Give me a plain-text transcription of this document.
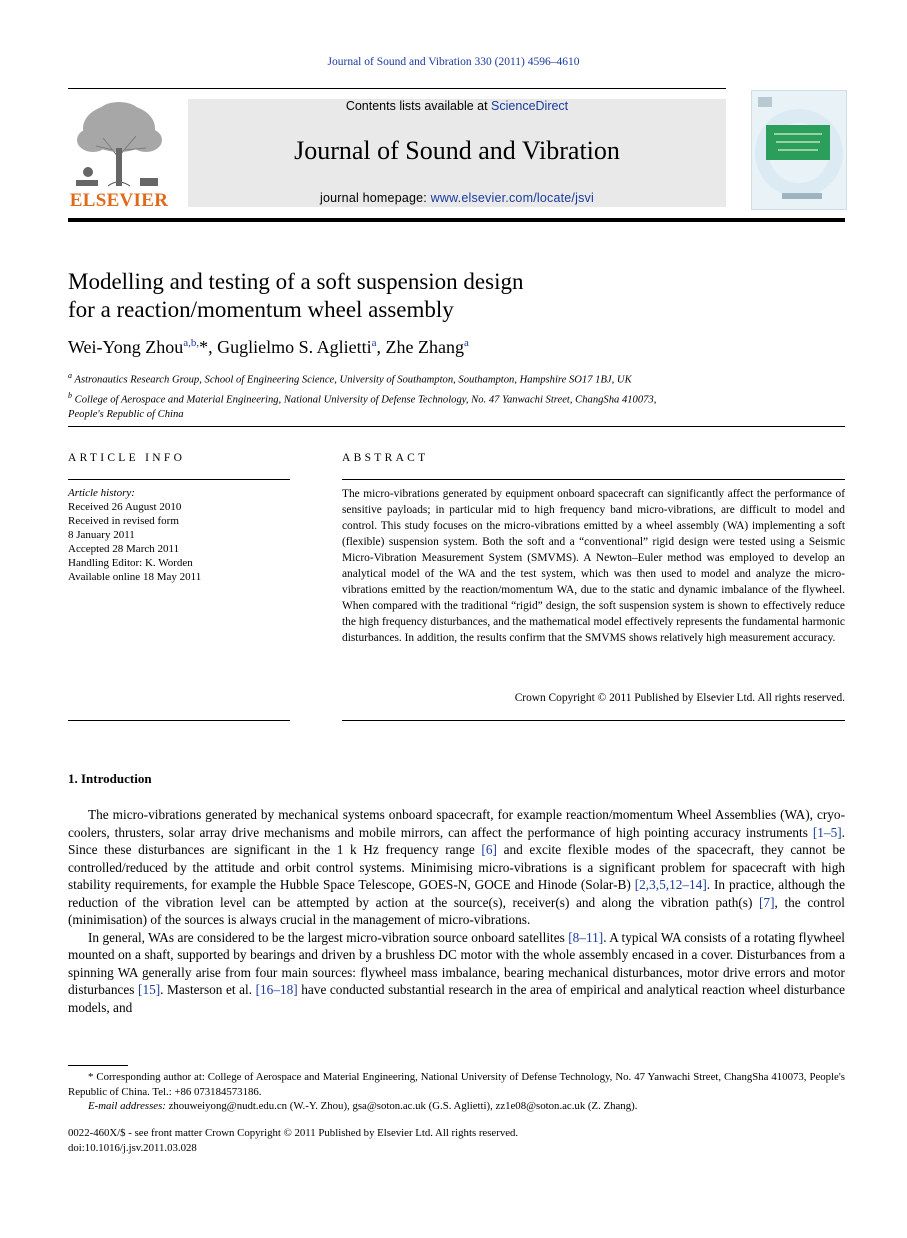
Journal of Sound and Vibration 330 (2011) 4596–4610
ELSEVIER
Contents lists available at ScienceDirect
Journal of Sound and Vibration
journal homepage: www.elsevier.com/locate/jsvi
Modelling and testing of a soft suspension design
for a reaction/momentum wheel assembly
Wei-Yong Zhou$^{a,b,}$*, Guglielmo S. Aglietti$^a$, Zhe Zhang$^a$
$^a$ Astronautics Research Group, School of Engineering Science, University of Southampton, Southampton, Hampshire SO17 1BJ, UK
$^b$ College of Aerospace and Material Engineering, National University of Defense Technology, No. 47 Yanwachi Street, ChangSha 410073,
People's Republic of China
ARTICLE INFO
Article history:
Received 26 August 2010
Received in revised form
8 January 2011
Accepted 28 March 2011
Handling Editor: K. Worden
Available online 18 May 2011
ABSTRACT
The micro-vibrations generated by equipment onboard spacecraft can significantly affect the performance of sensitive payloads; in particular mid to high frequency band micro-vibrations, are difficult to model and control. This study focuses on the micro-vibrations emitted by a wheel assembly (WA) implementing a soft (flexible) suspension system. Both the soft and a “conventional” rigid design were tested using a Seismic Micro-Vibration Measurement System (SMVMS). A Newton–Euler method was employed to develop an analytical model of the WA and the test system, which was then used to model and analyze the micro-vibrations emitted by the reaction/momentum WA, due to the static and dynamic imbalance of the flywheel. When compared with the traditional “rigid” design, the soft suspension system is shown to effectively reduce the high frequency disturbances, and the mathematical model effectively represents the fundamental harmonic disturbances. In addition, the results confirm that the SMVMS shows relatively high measurement accuracy.
Crown Copyright © 2011 Published by Elsevier Ltd. All rights reserved.
1. Introduction

The micro-vibrations generated by mechanical systems onboard spacecraft, for example reaction/momentum Wheel Assemblies (WA), cryo-coolers, thrusters, solar array drive mechanisms and mobile mirrors, can affect the performance of high pointing accuracy instruments [1–5]. Since these disturbances are significant in the 1 k Hz frequency range [6] and excite flexible modes of the spacecraft, they cannot be controlled/reduced by the attitude and orbit control systems. Minimising micro-vibrations is a significant problem for spacecraft with high stability requirements, for example the Hubble Space Telescope, GOES-N, GOCE and Hinode (Solar-B) [2,3,5,12–14]. In practice, although the reduction of the vibration level can be attempted by action at the source(s), receiver(s) and along the vibration path(s) [7], the control (minimisation) of the sources is always crucial in the management of micro-vibrations.

In general, WAs are considered to be the largest micro-vibration source onboard satellites [8–11]. A typical WA consists of a rotating flywheel mounted on a shaft, supported by bearings and driven by a brushless DC motor with the whole assembly encased in a cover. Disturbances from a spinning WA generally arise from four main sources: flywheel mass imbalance, bearing mechanical disturbances, motor drive errors and motor disturbances [15]. Masterson et al. [16–18] have conducted substantial research in the area of empirical and analytical reaction wheel disturbance models, and

* Corresponding author at: College of Aerospace and Material Engineering, National University of Defense Technology, No. 47 Yanwachi Street, ChangSha 410073, People's Republic of China. Tel.: +86 073184573186.

E-mail addresses: zhouweiyong@nudt.edu.cn (W.-Y. Zhou), gsa@soton.ac.uk (G.S. Aglietti), zz1e08@soton.ac.uk (Z. Zhang).

0022-460X/$ - see front matter Crown Copyright © 2011 Published by Elsevier Ltd. All rights reserved.
doi:10.1016/j.jsv.2011.03.028
